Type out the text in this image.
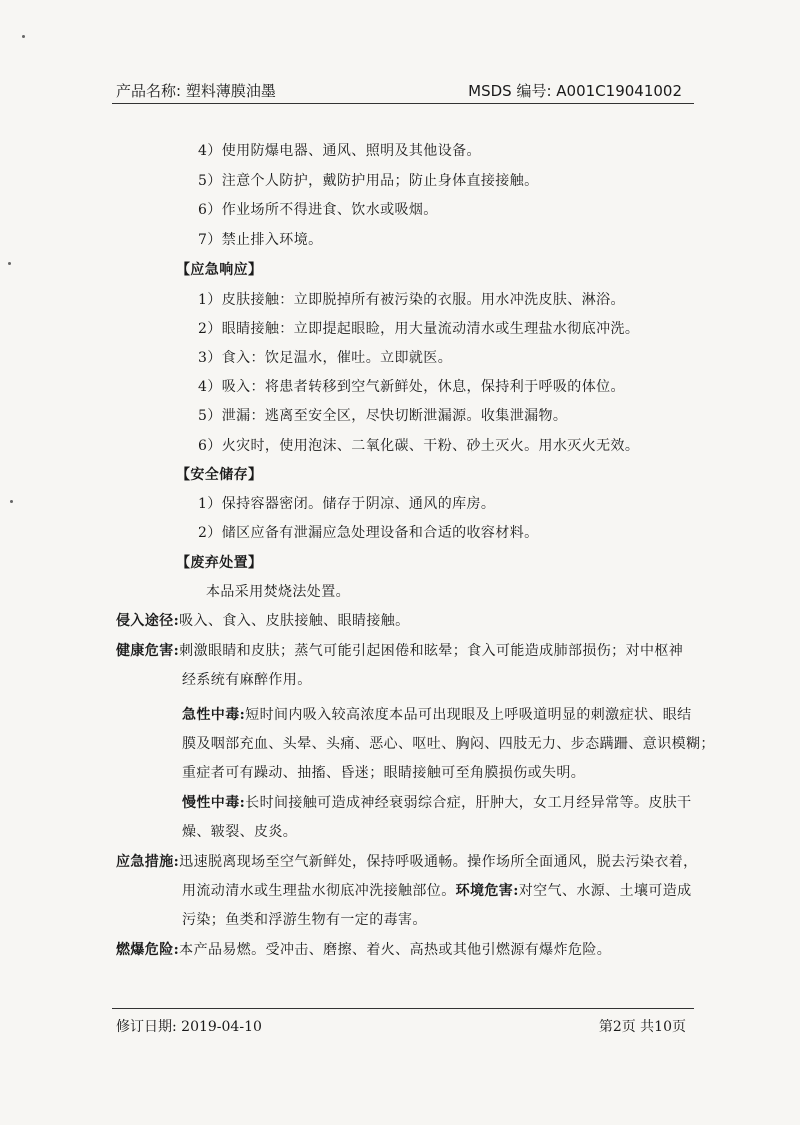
产品名称: 塑料薄膜油墨	MSDS 编号: A001C19041002
4）使用防爆电器、通风、照明及其他设备。
5）注意个人防护，戴防护用品；防止身体直接接触。
6）作业场所不得进食、饮水或吸烟。
7）禁止排入环境。
【应急响应】
1）皮肤接触：立即脱掉所有被污染的衣服。用水冲洗皮肤、淋浴。
2）眼睛接触：立即提起眼睑，用大量流动清水或生理盐水彻底冲洗。
3）食入：饮足温水，催吐。立即就医。
4）吸入：将患者转移到空气新鲜处，休息，保持利于呼吸的体位。
5）泄漏：逃离至安全区，尽快切断泄漏源。收集泄漏物。
6）火灾时，使用泡沫、二氧化碳、干粉、砂土灭火。用水灭火无效。
【安全储存】
1）保持容器密闭。储存于阴凉、通风的库房。
2）储区应备有泄漏应急处理设备和合适的收容材料。
【废弃处置】
本品采用焚烧法处置。
侵入途径:吸入、食入、皮肤接触、眼睛接触。
健康危害:刺激眼睛和皮肤；蒸气可能引起困倦和眩晕；食入可能造成肺部损伤；对中枢神
经系统有麻醉作用。
急性中毒:短时间内吸入较高浓度本品可出现眼及上呼吸道明显的刺激症状、眼结
膜及咽部充血、头晕、头痛、恶心、呕吐、胸闷、四肢无力、步态蹒跚、意识模糊；
重症者可有躁动、抽搐、昏迷；眼睛接触可至角膜损伤或失明。
慢性中毒:长时间接触可造成神经衰弱综合症，肝肿大，女工月经异常等。皮肤干
燥、皲裂、皮炎。
应急措施:迅速脱离现场至空气新鲜处，保持呼吸通畅。操作场所全面通风，脱去污染衣着，
用流动清水或生理盐水彻底冲洗接触部位。环境危害:对空气、水源、土壤可造成
污染；鱼类和浮游生物有一定的毒害。
燃爆危险:本产品易燃。受冲击、磨擦、着火、高热或其他引燃源有爆炸危险。
修订日期: 2019-04-10	第2页 共10页
